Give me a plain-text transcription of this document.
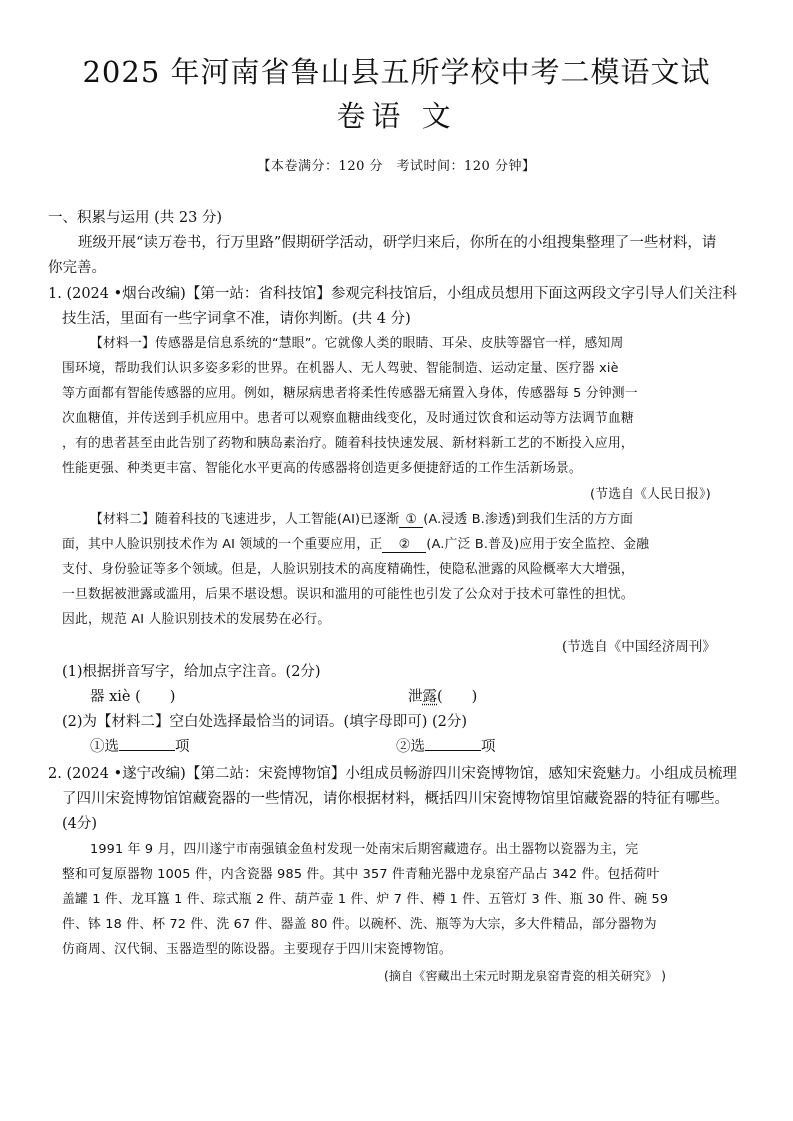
2025 年河南省鲁山县五所学校中考二模语文试
卷语 文
【本卷满分：120 分　考试时间：120 分钟】
一、积累与运用 (共 23 分)
班级开展“读万卷书，行万里路”假期研学活动，研学归来后，你所在的小组搜集整理了一些材料，请
你完善。
1. (2024 •烟台改编)【第一站：省科技馆】参观完科技馆后，小组成员想用下面这两段文字引导人们关注科
技生活，里面有一些字词拿不准，请你判断。(共 4 分)
【材料一】传感器是信息系统的“慧眼”。它就像人类的眼睛、耳朵、皮肤等器官一样，感知周
围环境，帮助我们认识多姿多彩的世界。在机器人、无人驾驶、智能制造、运动定量、医疗器 xiè
等方面都有智能传感器的应用。例如，糖尿病患者将柔性传感器无痛置入身体，传感器每 5 分钟测一
次血糖值，并传送到手机应用中。患者可以观察血糖曲线变化，及时通过饮食和运动等方法调节血糖
，有的患者甚至由此告别了药物和胰岛素治疗。随着科技快速发展、新材料新工艺的不断投入应用，
性能更强、种类更丰富、智能化水平更高的传感器将创造更多便捷舒适的工作生活新场景。
(节选自《人民日报》)
【材料二】随着科技的飞速进步，人工智能(AI)已逐渐 ① (A.浸透 B.渗透)到我们生活的方方面
面，其中人脸识别技术作为 AI 领域的一个重要应用，正 ② (A.广泛 B.普及)应用于安全监控、金融
支付、身份验证等多个领域。但是，人脸识别技术的高度精确性，使隐私泄露的风险概率大大增强，
一旦数据被泄露或滥用，后果不堪设想。误识和滥用的可能性也引发了公众对于技术可靠性的担忧。
因此，规范 AI 人脸识别技术的发展势在必行。
(节选自《中国经济周刊》
(1)根据拼音写字，给加点字注音。(2分)
器 xiè (　　)	泄露(　　)
(2)为【材料二】空白处选择最恰当的词语。(填字母即可) (2分)
①选	项	②选	项
2. (2024 •遂宁改编)【第二站：宋瓷博物馆】小组成员畅游四川宋瓷博物馆，感知宋瓷魅力。小组成员梳理
了四川宋瓷博物馆馆藏瓷器的一些情况，请你根据材料，概括四川宋瓷博物馆里馆藏瓷器的特征有哪些。
(4分)
1991 年 9 月，四川遂宁市南强镇金鱼村发现一处南宋后期窖藏遗存。出土器物以瓷器为主，完
整和可复原器物 1005 件，内含瓷器 985 件。其中 357 件青釉光器中龙泉窑产品占 342 件。包括荷叶
盖罐 1 件、龙耳簋 1 件、琮式瓶 2 件、葫芦壶 1 件、炉 7 件、樽 1 件、五管灯 3 件、瓶 30 件、碗 59
件、钵 18 件、杯 72 件、洗 67 件、器盖 80 件。以碗杯、洗、瓶等为大宗，多大件精品，部分器物为
仿商周、汉代铜、玉器造型的陈设器。主要现存于四川宋瓷博物馆。
(摘自《窖藏出土宋元时期龙泉窑青瓷的相关研究》 )
